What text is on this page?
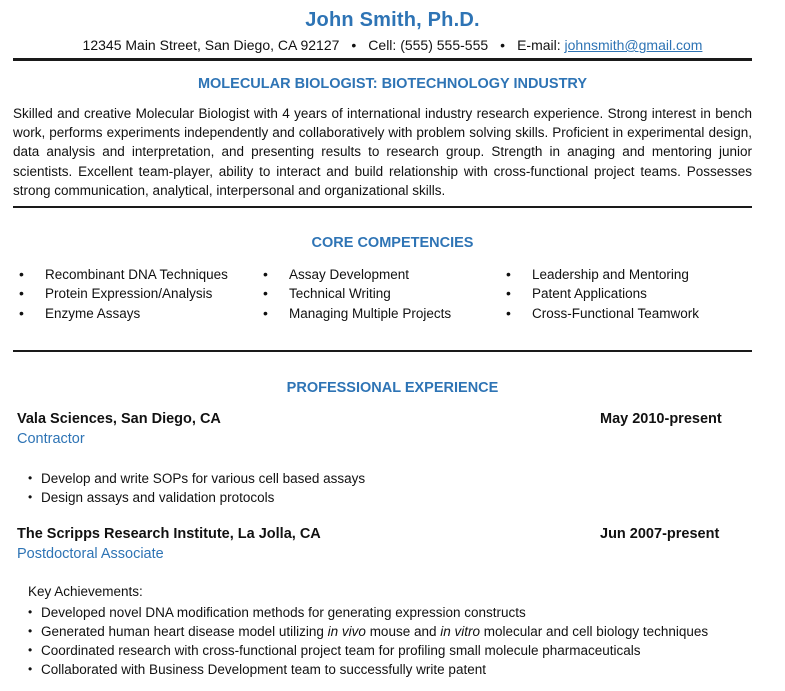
John Smith, Ph.D.
12345 Main Street, San Diego, CA 92127 • Cell: (555) 555-555 • E-mail: johnsmith@gmail.com
MOLECULAR BIOLOGIST: BIOTECHNOLOGY INDUSTRY
Skilled and creative Molecular Biologist with 4 years of international industry research experience. Strong interest in bench work, performs experiments independently and collaboratively with problem solving skills. Proficient in experimental design, data analysis and interpretation, and presenting results to research group. Strength in anaging and mentoring junior scientists. Excellent team-player, ability to interact and build relationship with cross-functional project teams. Possesses strong communication, analytical, interpersonal and organizational skills.
CORE COMPETENCIES
• Recombinant DNA Techniques
• Protein Expression/Analysis
• Enzyme Assays
• Assay Development
• Technical Writing
• Managing Multiple Projects
• Leadership and Mentoring
• Patent Applications
• Cross-Functional Teamwork
PROFESSIONAL EXPERIENCE
Vala Sciences, San Diego, CA	May 2010-present
Contractor
• Develop and write SOPs for various cell based assays
• Design assays and validation protocols
The Scripps Research Institute, La Jolla, CA	Jun 2007-present
Postdoctoral Associate
Key Achievements:
• Developed novel DNA modification methods for generating expression constructs
• Generated human heart disease model utilizing in vivo mouse and in vitro molecular and cell biology techniques
• Coordinated research with cross-functional project team for profiling small molecule pharmaceuticals
• Collaborated with Business Development team to successfully write patent
